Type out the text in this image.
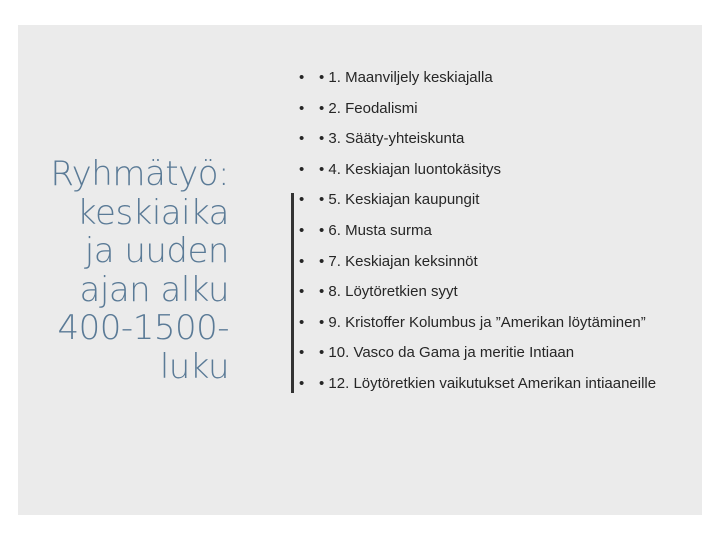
Ryhmätyö:
keskiaika
ja uuden
ajan alku
400-1500-
luku
• • 1. Maanviljely keskiajalla
• • 2. Feodalismi
• • 3. Sääty-yhteiskunta
• • 4. Keskiajan luontokäsitys
• • 5. Keskiajan kaupungit
• • 6. Musta surma
• • 7. Keskiajan keksinnöt
• • 8. Löytöretkien syyt
• • 9. Kristoffer Kolumbus ja ”Amerikan löytäminen”
• • 10. Vasco da Gama ja meritie Intiaan
• • 12. Löytöretkien vaikutukset Amerikan intiaaneille
